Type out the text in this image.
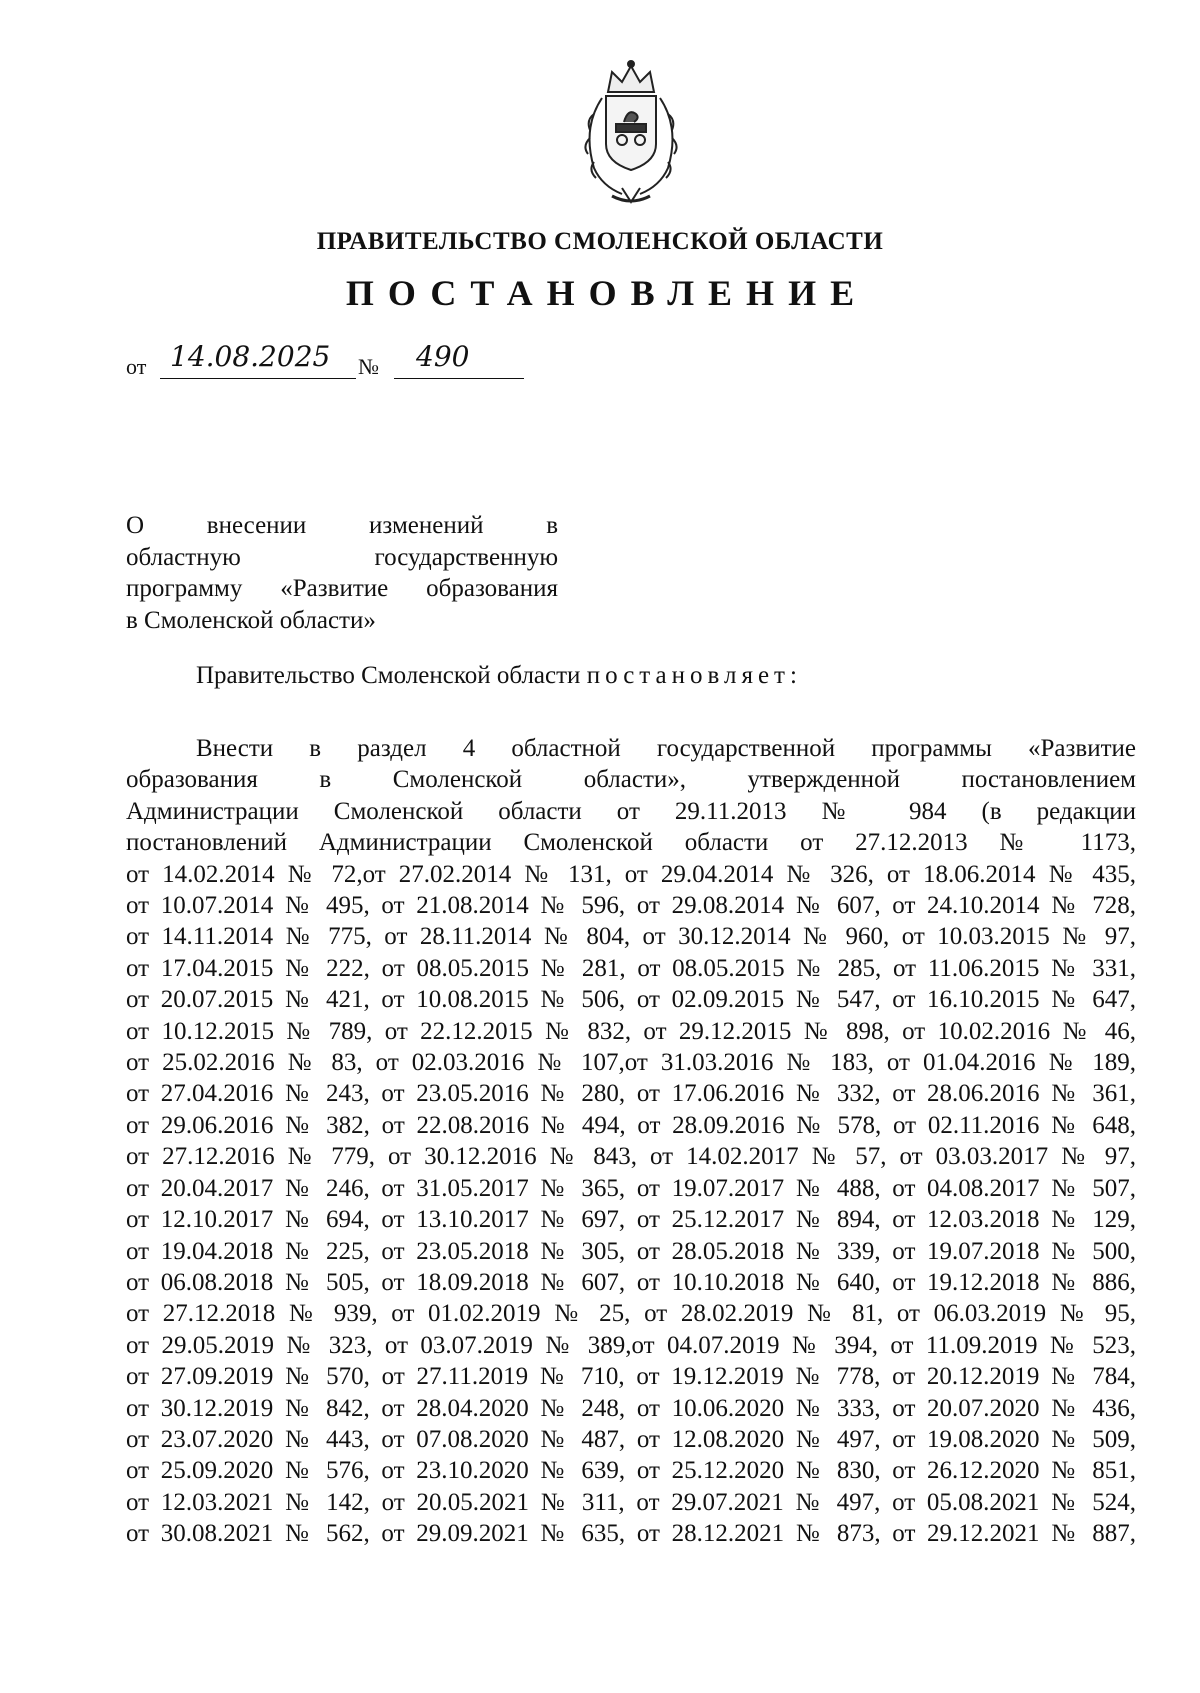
ПРАВИТЕЛЬСТВО СМОЛЕНСКОЙ ОБЛАСТИ
ПОСТАНОВЛЕНИЕ
от 14.08.2025 № 490
О внесении изменений в
областную государственную
программу «Развитие образования
в Смоленской области»
Правительство Смоленской области постановляет:
Внести в раздел 4 областной государственной программы «Развитие
образования в Смоленской области», утвержденной постановлением
Администрации Смоленской области от 29.11.2013 № 984 (в редакции
постановлений Администрации Смоленской области от 27.12.2013 № 1173,
от 14.02.2014 № 72,от 27.02.2014 № 131, от 29.04.2014 № 326, от 18.06.2014 № 435,
от 10.07.2014 № 495, от 21.08.2014 № 596, от 29.08.2014 № 607, от 24.10.2014 № 728,
от 14.11.2014 № 775, от 28.11.2014 № 804, от 30.12.2014 № 960, от 10.03.2015 № 97,
от 17.04.2015 № 222, от 08.05.2015 № 281, от 08.05.2015 № 285, от 11.06.2015 № 331,
от 20.07.2015 № 421, от 10.08.2015 № 506, от 02.09.2015 № 547, от 16.10.2015 № 647,
от 10.12.2015 № 789, от 22.12.2015 № 832, от 29.12.2015 № 898, от 10.02.2016 № 46,
от 25.02.2016 № 83, от 02.03.2016 № 107,от 31.03.2016 № 183, от 01.04.2016 № 189,
от 27.04.2016 № 243, от 23.05.2016 № 280, от 17.06.2016 № 332, от 28.06.2016 № 361,
от 29.06.2016 № 382, от 22.08.2016 № 494, от 28.09.2016 № 578, от 02.11.2016 № 648,
от 27.12.2016 № 779, от 30.12.2016 № 843, от 14.02.2017 № 57, от 03.03.2017 № 97,
от 20.04.2017 № 246, от 31.05.2017 № 365, от 19.07.2017 № 488, от 04.08.2017 № 507,
от 12.10.2017 № 694, от 13.10.2017 № 697, от 25.12.2017 № 894, от 12.03.2018 № 129,
от 19.04.2018 № 225, от 23.05.2018 № 305, от 28.05.2018 № 339, от 19.07.2018 № 500,
от 06.08.2018 № 505, от 18.09.2018 № 607, от 10.10.2018 № 640, от 19.12.2018 № 886,
от 27.12.2018 № 939, от 01.02.2019 № 25, от 28.02.2019 № 81, от 06.03.2019 № 95,
от 29.05.2019 № 323, от 03.07.2019 № 389,от 04.07.2019 № 394, от 11.09.2019 № 523,
от 27.09.2019 № 570, от 27.11.2019 № 710, от 19.12.2019 № 778, от 20.12.2019 № 784,
от 30.12.2019 № 842, от 28.04.2020 № 248, от 10.06.2020 № 333, от 20.07.2020 № 436,
от 23.07.2020 № 443, от 07.08.2020 № 487, от 12.08.2020 № 497, от 19.08.2020 № 509,
от 25.09.2020 № 576, от 23.10.2020 № 639, от 25.12.2020 № 830, от 26.12.2020 № 851,
от 12.03.2021 № 142, от 20.05.2021 № 311, от 29.07.2021 № 497, от 05.08.2021 № 524,
от 30.08.2021 № 562, от 29.09.2021 № 635, от 28.12.2021 № 873, от 29.12.2021 № 887,
